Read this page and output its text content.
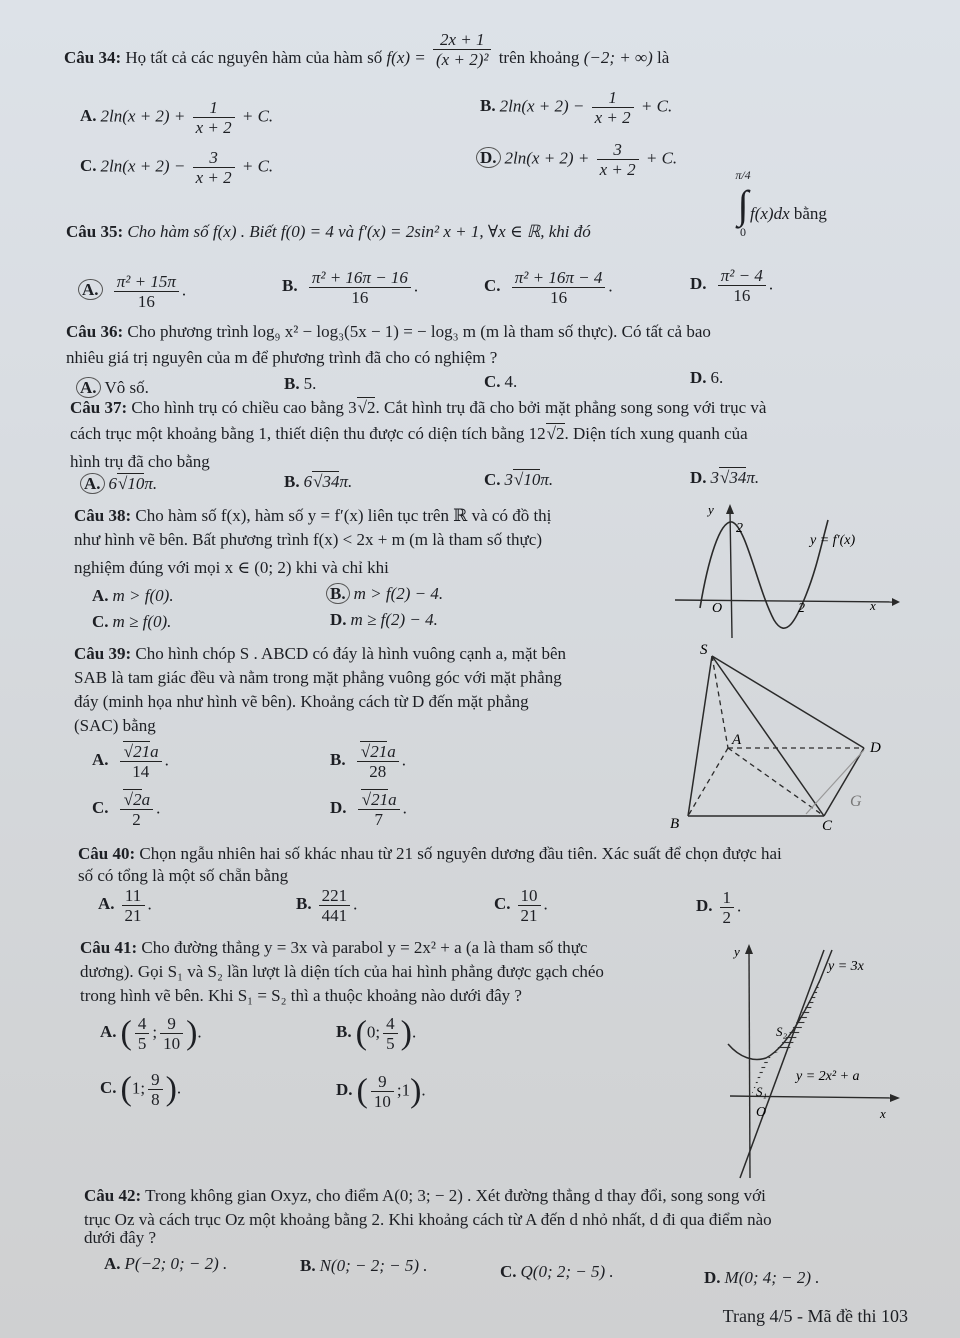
Câu 34: Họ tất cả các nguyên hàm của hàm số $f(x) = \frac{2x + 1}{\text{(x + 2)²}}$ trên khoảng (−2; + ∞) là
A. $2\ln(x + 2) + \frac{1}{x + 2} + C$.
B. $2\ln(x + 2) - \frac{1}{x + 2} + C$.
C. $2\ln(x + 2) - \frac{3}{x + 2} + C$.	D. $2\ln(x + 2) + \frac{3}{x + 2} + C$.
Câu 35: Cho hàm số f(x) . Biết f(0) = 4 và f′(x) = 2sin² x + 1, ∀x ∈ ℝ, khi đó
π/4
∫
0
f(x)dx bằng
A. $\frac{\text{π² + 15π}}{16}$ .	B. $\frac{\text{π² + 16π − 16}}{16}$ .	C. $\frac{\text{π² + 16π − 4}}{16}$ .	D. $\frac{\text{π² − 4}}{16}$ .
Câu 36: Cho phương trình log₉ x² − log₃(5x − 1) = − log₃ m (m là tham số thực). Có tất cả bao
nhiêu giá trị nguyên của m để phương trình đã cho có nghiệm ?
A. Vô số.	B. 5.	C. 4.	D. 6.
Câu 37: Cho hình trụ có chiều cao bằng 3√2. Cắt hình trụ đã cho bởi mặt phẳng song song với trục và
cách trục một khoảng bằng 1, thiết diện thu được có diện tích bằng 12√2. Diện tích xung quanh của
hình trụ đã cho bằng
A. 6√10π.	B. 6√34π.	C. 3√10π.	D. 3√34π.
Câu 38: Cho hàm số f(x), hàm số y = f′(x) liên tục trên ℝ và có đồ thị
như hình vẽ bên. Bất phương trình f(x) < 2x + m (m là tham số thực)
nghiệm đúng với mọi x ∈ (0; 2) khi và chỉ khi
A. m > f(0).	B. m > f(2) − 4.
C. m ≥ f(0).	D. m ≥ f(2) − 4.
y
2
O	2	x
y = f′(x)
Câu 39: Cho hình chóp S . ABCD có đáy là hình vuông cạnh a, mặt bên
SAB là tam giác đều và nằm trong mặt phẳng vuông góc với mặt phẳng
đáy (minh họa như hình vẽ bên). Khoảng cách từ D đến mặt phẳng
(SAC) bằng
A. $\frac{√21a}{14}$ .	B. $\frac{√21a}{28}$ .
C. $\frac{√2a}{2}$ .	D. $\frac{√21a}{7}$ .
S
A
B	C
D
G
Câu 40: Chọn ngẫu nhiên hai số khác nhau từ 21 số nguyên dương đầu tiên. Xác suất để chọn được hai
số có tổng là một số chẵn bằng
A. $\frac{11}{21}$ .	B. $\frac{221}{441}$ .	C. $\frac{10}{21}$ .	D. $\frac{1}{2}$ .
Câu 41: Cho đường thẳng y = 3x và parabol y = 2x² + a (a là tham số thực
dương). Gọi S₁ và S₂ lần lượt là diện tích của hai hình phẳng được gạch chéo
trong hình vẽ bên. Khi S₁ = S₂ thì a thuộc khoảng nào dưới đây ?
A. ( $\frac{4}{5}$ ; $\frac{9}{10}$ ).	B. (0; $\frac{4}{5}$ ).
C. (1; $\frac{9}{8}$ ).	D. ( $\frac{9}{10}$ ;1).
y = 3x
y = 2x² + a
S₂
S₁
O	x
y
Câu 42: Trong không gian Oxyz, cho điểm A(0; 3; − 2) . Xét đường thẳng d thay đổi, song song với
trục Oz và cách trục Oz một khoảng bằng 2. Khi khoảng cách từ A đến d nhỏ nhất, d đi qua điểm nào
dưới đây ?
A. P(−2; 0; − 2) .	B. N(0; − 2; − 5) .	C. Q(0; 2; − 5) .	D. M(0; 4; − 2) .
Trang 4/5 - Mã đề thi 103
